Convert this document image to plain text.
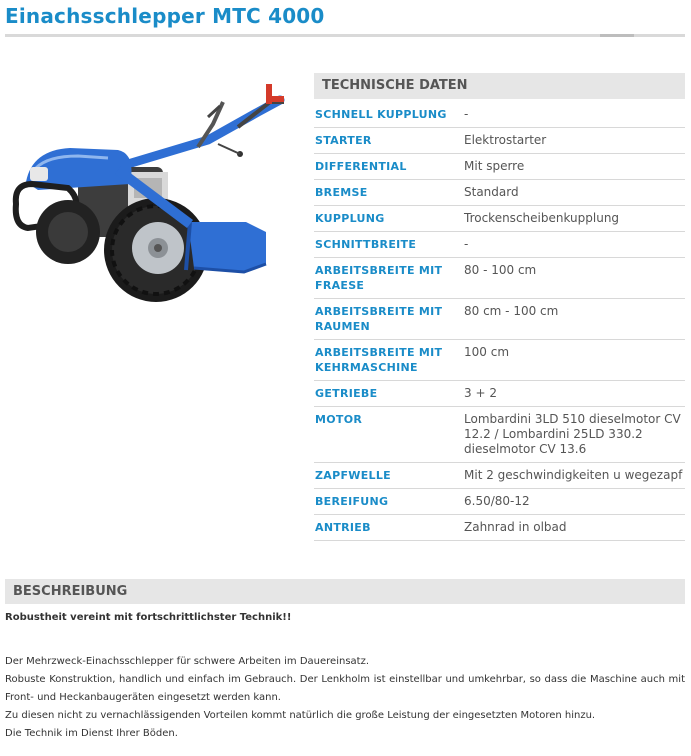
Einachsschlepper MTC 4000
TECHNISCHE DATEN
SCHNELL KUPPLUNG	-
STARTER	Elektrostarter
DIFFERENTIAL	Mit sperre
BREMSE	Standard
KUPPLUNG	Trockenscheibenkupplung
SCHNITTBREITE	-
ARBEITSBREITE MIT FRAESE	80 - 100 cm
ARBEITSBREITE MIT RAUMEN	80 cm - 100 cm
ARBEITSBREITE MIT KEHRMASCHINE	100 cm
GETRIEBE	3 + 2
MOTOR	Lombardini 3LD 510 dieselmotor CV 12.2 / Lombardini 25LD 330.2 dieselmotor CV 13.6
ZAPFWELLE	Mit 2 geschwindigkeiten u wegezapf
BEREIFUNG	6.50/80-12
ANTRIEB	Zahnrad in olbad
BESCHREIBUNG
Robustheit vereint mit fortschrittlichster Technik!!

Der Mehrzweck-Einachsschlepper für schwere Arbeiten im Dauereinsatz.

Robuste Konstruktion, handlich und einfach im Gebrauch. Der Lenkholm ist einstellbar und umkehrbar, so dass die Maschine auch mit Front- und Heckanbaugeräten eingesetzt werden kann.

Zu diesen nicht zu vernachlässigenden Vorteilen kommt natürlich die große Leistung der eingesetzten Motoren hinzu.

Die Technik im Dienst Ihrer Böden.
